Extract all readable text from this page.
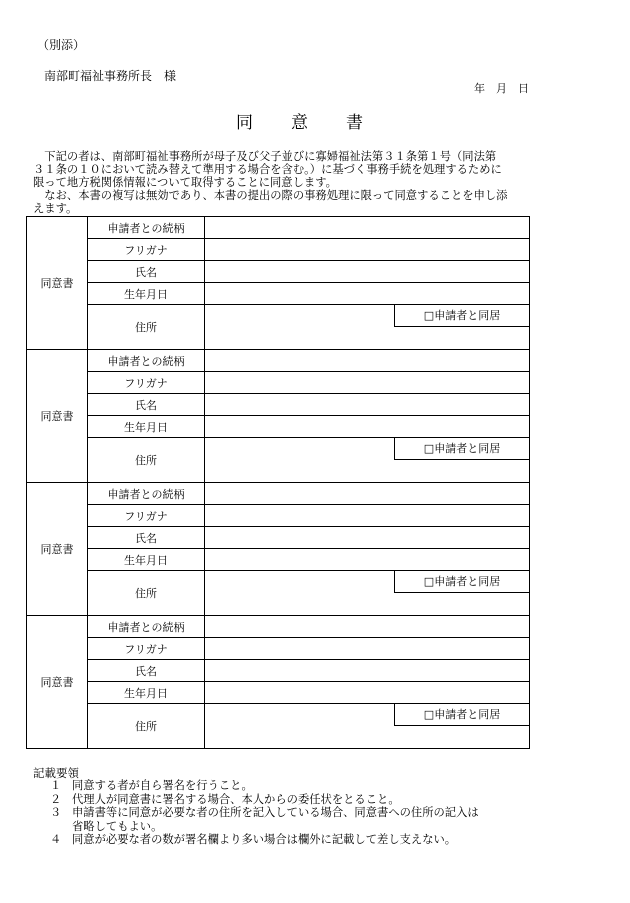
（別添）
南部町福祉事務所長　様
年　月　日
同意書
　下記の者は、南部町福祉事務所が母子及び父子並びに寡婦福祉法第３１条第１号（同法第
３１条の１０において読み替えて準用する場合を含む。）に基づく事務手続を処理するために
限って地方税関係情報について取得することに同意します。
　なお、本書の複写は無効であり、本書の提出の際の事務処理に限って同意することを申し添
えます。
同意書	申請者との続柄	
	フリガナ	
	氏名	
	生年月日	
	住所	□申請者と同居

同意書	申請者との続柄	
	フリガナ	
	氏名	
	生年月日	
	住所	□申請者と同居

同意書	申請者との続柄	
	フリガナ	
	氏名	
	生年月日	
	住所	□申請者と同居

同意書	申請者との続柄	
	フリガナ	
	氏名	
	生年月日	
	住所	□申請者と同居
記載要領
１ 同意する者が自ら署名を行うこと。
２ 代理人が同意書に署名する場合、本人からの委任状をとること。
３ 申請書等に同意が必要な者の住所を記入している場合、同意書への住所の記入は
省略してもよい。
４ 同意が必要な者の数が署名欄より多い場合は欄外に記載して差し支えない。
